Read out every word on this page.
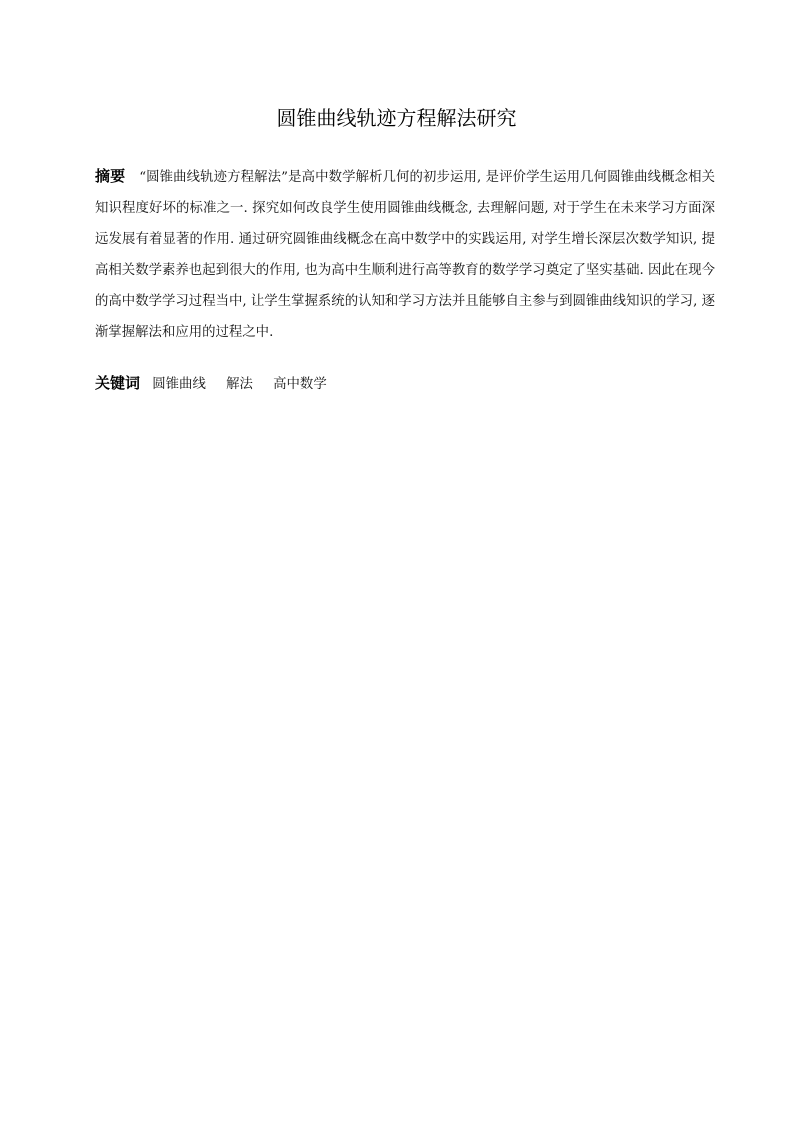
圆锥曲线轨迹方程解法研究
摘要 “圆锥曲线轨迹方程解法”是高中数学解析几何的初步运用, 是评价学生运用几何圆锥曲线概念相关知识程度好坏的标准之一. 探究如何改良学生使用圆锥曲线概念, 去理解问题, 对于学生在未来学习方面深远发展有着显著的作用. 通过研究圆锥曲线概念在高中数学中的实践运用, 对学生增长深层次数学知识, 提高相关数学素养也起到很大的作用, 也为高中生顺利进行高等教育的数学学习奠定了坚实基础. 因此在现今的高中数学学习过程当中, 让学生掌握系统的认知和学习方法并且能够自主参与到圆锥曲线知识的学习, 逐渐掌握解法和应用的过程之中.
关键词 圆锥曲线 解法 高中数学
